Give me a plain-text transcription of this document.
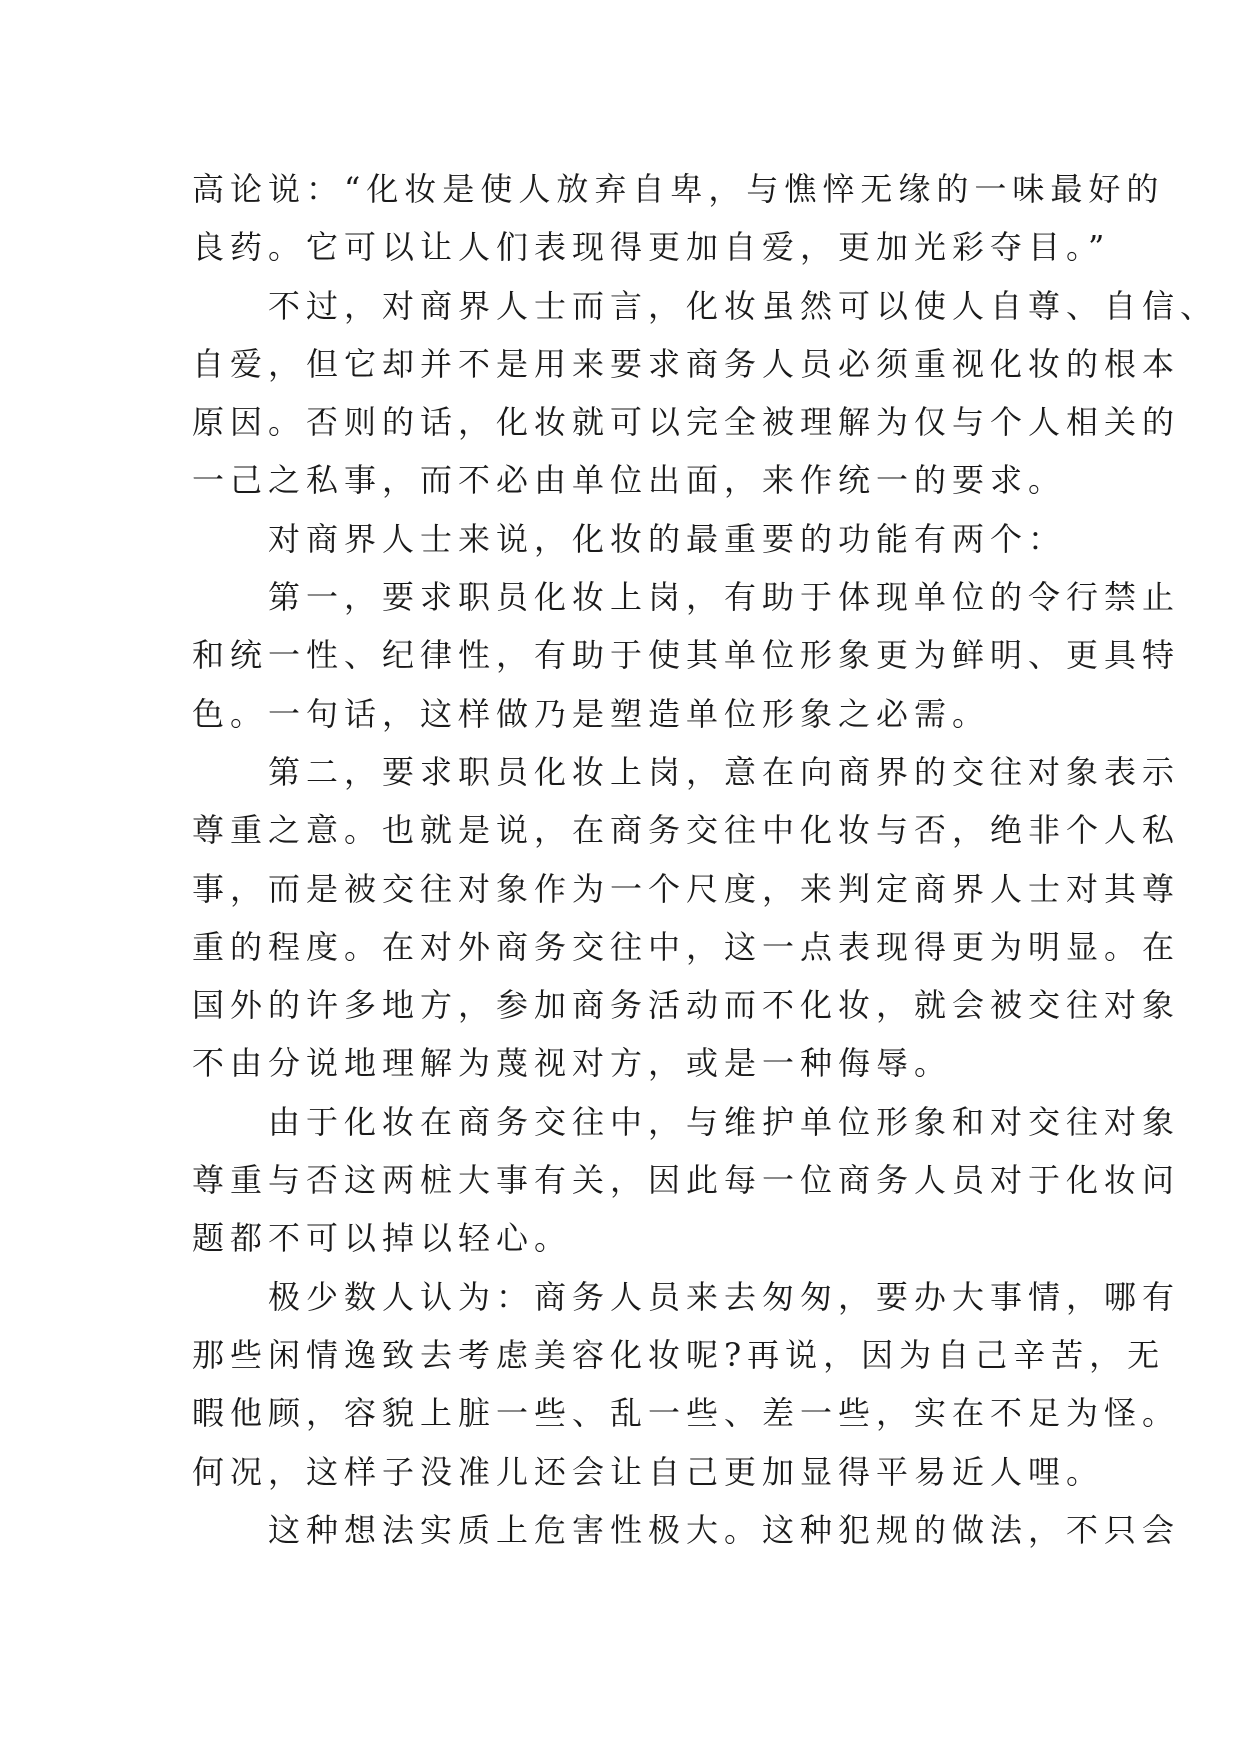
高论说：“化妆是使人放弃自卑，与憔悴无缘的一味最好的
良药。它可以让人们表现得更加自爱，更加光彩夺目。”
不过，对商界人士而言，化妆虽然可以使人自尊、自信、
自爱，但它却并不是用来要求商务人员必须重视化妆的根本
原因。否则的话，化妆就可以完全被理解为仅与个人相关的
一己之私事，而不必由单位出面，来作统一的要求。
对商界人士来说，化妆的最重要的功能有两个：
第一，要求职员化妆上岗，有助于体现单位的令行禁止
和统一性、纪律性，有助于使其单位形象更为鲜明、更具特
色。一句话，这样做乃是塑造单位形象之必需。
第二，要求职员化妆上岗，意在向商界的交往对象表示
尊重之意。也就是说，在商务交往中化妆与否，绝非个人私
事，而是被交往对象作为一个尺度，来判定商界人士对其尊
重的程度。在对外商务交往中，这一点表现得更为明显。在
国外的许多地方，参加商务活动而不化妆，就会被交往对象
不由分说地理解为蔑视对方，或是一种侮辱。
由于化妆在商务交往中，与维护单位形象和对交往对象
尊重与否这两桩大事有关，因此每一位商务人员对于化妆问
题都不可以掉以轻心。
极少数人认为：商务人员来去匆匆，要办大事情，哪有
那些闲情逸致去考虑美容化妆呢?再说，因为自己辛苦，无
暇他顾，容貌上脏一些、乱一些、差一些，实在不足为怪。
何况，这样子没准儿还会让自己更加显得平易近人哩。
这种想法实质上危害性极大。这种犯规的做法，不只会
